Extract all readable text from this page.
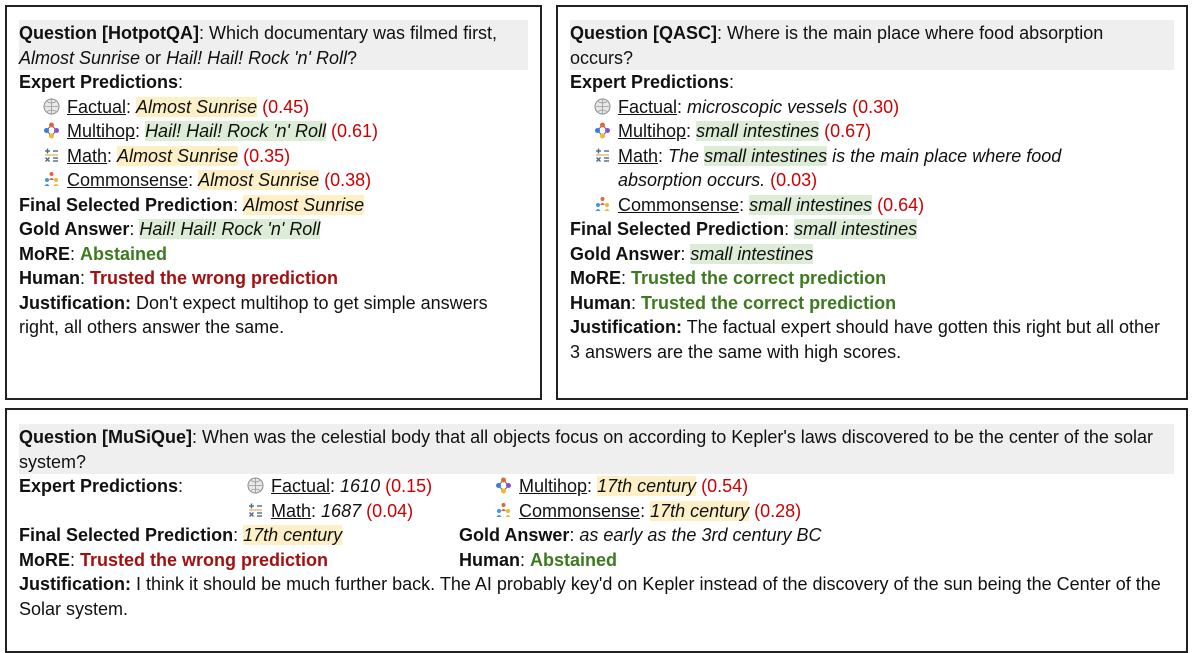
Question [HotpotQA]: Which documentary was filmed first, Almost Sunrise or Hail! Hail! Rock 'n' Roll?
Expert Predictions:
Factual: Almost Sunrise (0.45)
Multihop: Hail! Hail! Rock 'n' Roll (0.61)
Math: Almost Sunrise (0.35)
Commonsense: Almost Sunrise (0.38)
Final Selected Prediction: Almost Sunrise
Gold Answer: Hail! Hail! Rock 'n' Roll
MoRE: Abstained
Human: Trusted the wrong prediction
Justification: Don't expect multihop to get simple answers right, all others answer the same.
Question [QASC]: Where is the main place where food absorption occurs?
Expert Predictions:
Factual: microscopic vessels (0.30)
Multihop: small intestines (0.67)
Math: The small intestines is the main place where food
absorption occurs. (0.03)
Commonsense: small intestines (0.64)
Final Selected Prediction: small intestines
Gold Answer: small intestines
MoRE: Trusted the correct prediction
Human: Trusted the correct prediction
Justification: The factual expert should have gotten this right but all other 3 answers are the same with high scores.
Question [MuSiQue]: When was the celestial body that all objects focus on according to Kepler's laws discovered to be the center of the solar system?
Expert Predictions:	Factual: 1610 (0.15)	Multihop: 17th century (0.54)
Math: 1687 (0.04)	Commonsense: 17th century (0.28)
Final Selected Prediction: 17th century	Gold Answer: as early as the 3rd century BC
MoRE: Trusted the wrong prediction	Human: Abstained
Justification: I think it should be much further back. The AI probably key'd on Kepler instead of the discovery of the sun being the Center of the Solar system.
